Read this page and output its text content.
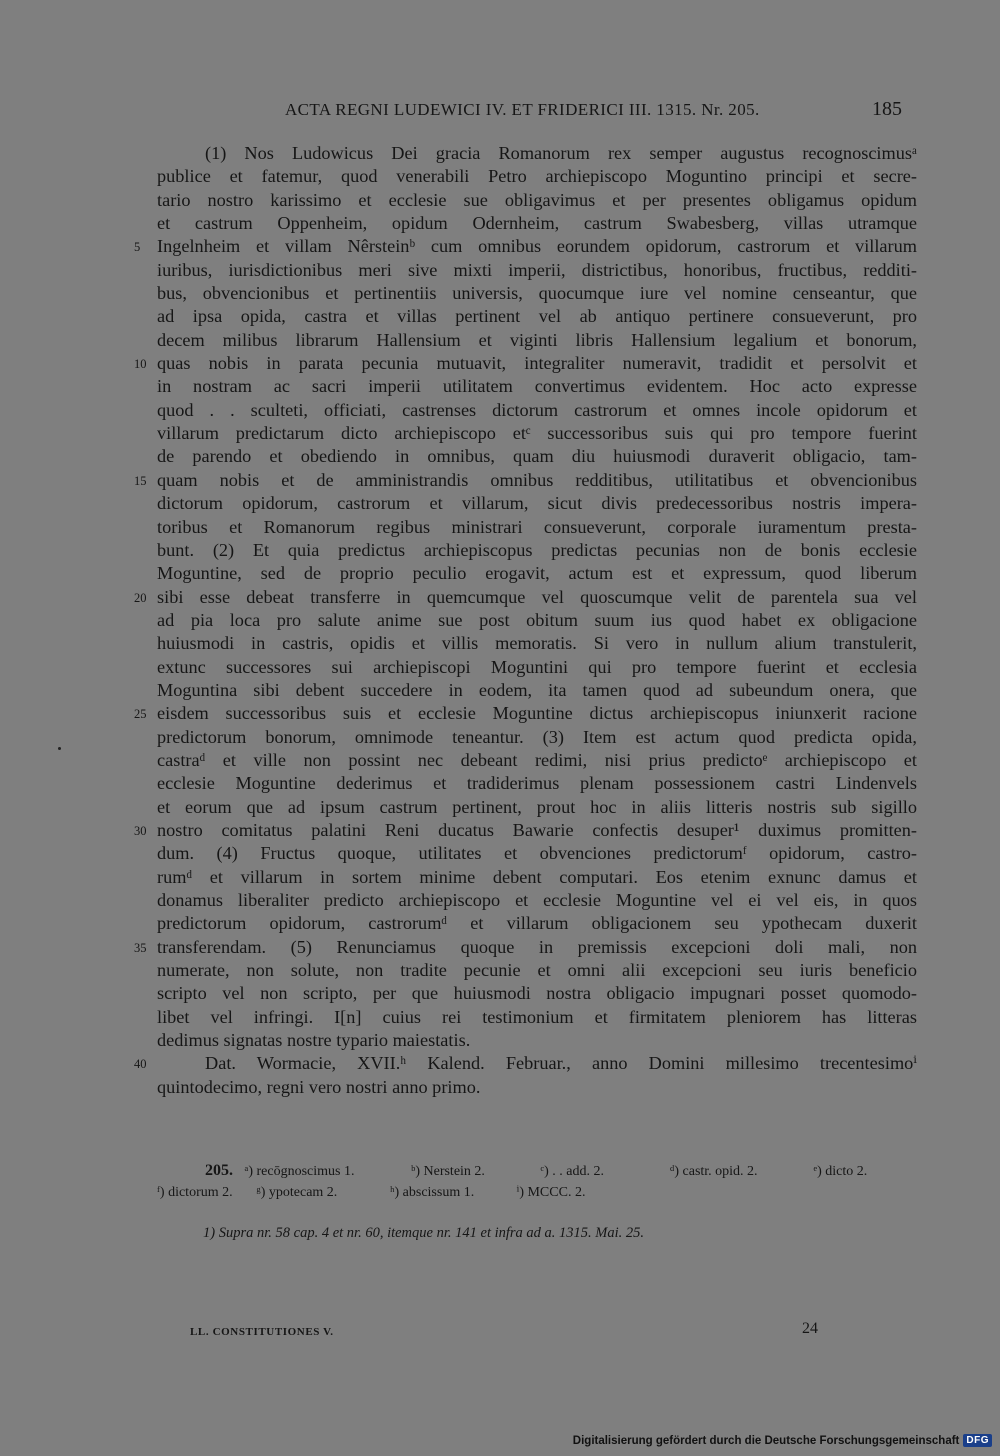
ACTA REGNI LUDEWICI IV. ET FRIDERICI III. 1315. Nr. 205.	185
(1) Nos Ludowicus Dei gracia Romanorum rex semper augustus recognoscimusᵃ
publice et fatemur, quod venerabili Petro archiepiscopo Moguntino principi et secre-
tario nostro karissimo et ecclesie sue obligavimus et per presentes obligamus opidum
et castrum Oppenheim, opidum Odernheim, castrum Swabesberg, villas utramque
5 Ingelnheim et villam Nêrsteinᵇ cum omnibus eorundem opidorum, castrorum et villarum
iuribus, iurisdictionibus meri sive mixti imperii, districtibus, honoribus, fructibus, redditi-
bus, obvencionibus et pertinentiis universis, quocumque iure vel nomine censeantur, que
ad ipsa opida, castra et villas pertinent vel ab antiquo pertinere consueverunt, pro
decem milibus librarum Hallensium et viginti libris Hallensium legalium et bonorum,
10 quas nobis in parata pecunia mutuavit, integraliter numeravit, tradidit et persolvit et
in nostram ac sacri imperii utilitatem convertimus evidentem. Hoc acto expresse
quod . . sculteti, officiati, castrenses dictorum castrorum et omnes incole opidorum et
villarum predictarum dicto archiepiscopo etᶜ successoribus suis qui pro tempore fuerint
de parendo et obediendo in omnibus, quam diu huiusmodi duraverit obligacio, tam-
15 quam nobis et de amministrandis omnibus redditibus, utilitatibus et obvencionibus
dictorum opidorum, castrorum et villarum, sicut divis predecessoribus nostris impera-
toribus et Romanorum regibus ministrari consueverunt, corporale iuramentum presta-
bunt. (2) Et quia predictus archiepiscopus predictas pecunias non de bonis ecclesie
Moguntine, sed de proprio peculio erogavit, actum est et expressum, quod liberum
20 sibi esse debeat transferre in quemcumque vel quoscumque velit de parentela sua vel
ad pia loca pro salute anime sue post obitum suum ius quod habet ex obligacione
huiusmodi in castris, opidis et villis memoratis. Si vero in nullum alium transtulerit,
extunc successores sui archiepiscopi Moguntini qui pro tempore fuerint et ecclesia
Moguntina sibi debent succedere in eodem, ita tamen quod ad subeundum onera, que
25 eisdem successoribus suis et ecclesie Moguntine dictus archiepiscopus iniunxerit racione
predictorum bonorum, omnimode teneantur. (3) Item est actum quod predicta opida,
castraᵈ et ville non possint nec debeant redimi, nisi prius predictoᵉ archiepiscopo et
ecclesie Moguntine dederimus et tradiderimus plenam possessionem castri Lindenvels
et eorum que ad ipsum castrum pertinent, prout hoc in aliis litteris nostris sub sigillo
30 nostro comitatus palatini Reni ducatus Bawarie confectis desuper¹ duximus promitten-
dum. (4) Fructus quoque, utilitates et obvenciones predictorumᶠ opidorum, castro-
rumᵈ et villarum in sortem minime debent computari. Eos etenim exnunc damus et
donamus liberaliter predicto archiepiscopo et ecclesie Moguntine vel ei vel eis, in quos
predictorum opidorum, castrorumᵈ et villarum obligacionem seu ypothecam duxerit
35 transferendam. (5) Renunciamus quoque in premissis excepcioni doli mali, non
numerate, non solute, non tradite pecunie et omni alii excepcioni seu iuris beneficio
scripto vel non scripto, per que huiusmodi nostra obligacio impugnari posset quomodo-
libet vel infringi. I[n] cuius rei testimonium et firmitatem pleniorem has litteras
dedimus signatas nostre typario maiestatis.
40	Dat. Wormacie, XVII.ʰ Kalend. Februar., anno Domini millesimo trecentesimoⁱ
quintodecimo, regni vero nostri anno primo.
205. ᵃ) recōgnoscimus 1.	ᵇ) Nerstein 2.	ᶜ) . . add. 2.	ᵈ) castr. opid. 2.	ᵉ) dicto 2.
ᶠ) dictorum 2. ᵍ) ypotecam 2.	ʰ) abscissum 1.	ⁱ) MCCC. 2.
1) Supra nr. 58 cap. 4 et nr. 60, itemque nr. 141 et infra ad a. 1315. Mai. 25.
LL. CONSTITUTIONES V.	24
Digitalisierung gefördert durch die Deutsche Forschungsgemeinschaft DFG
